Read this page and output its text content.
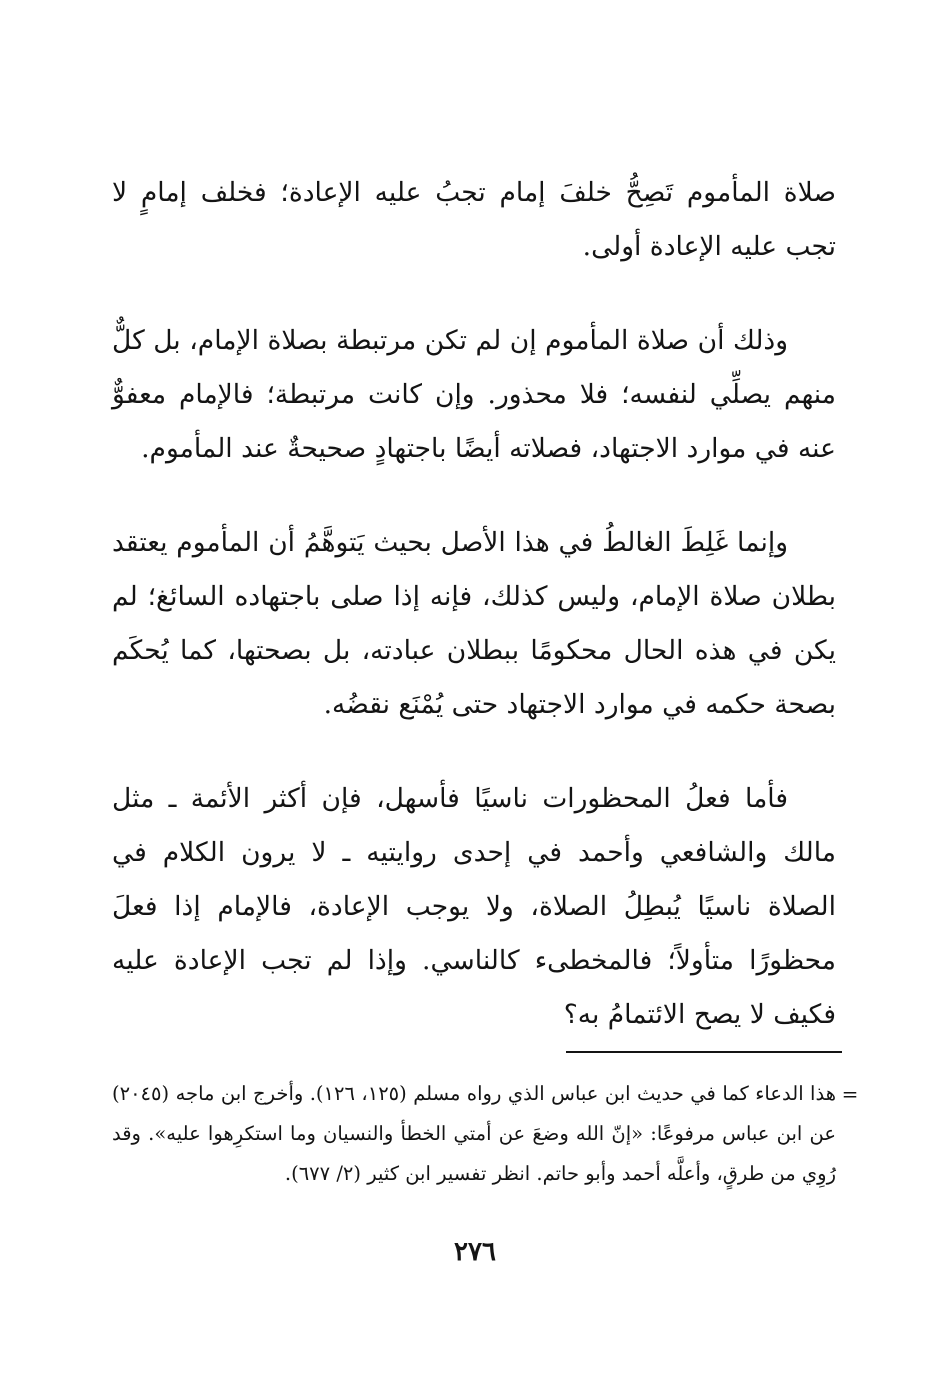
صلاة المأموم تَصِحُّ خلفَ إمام تجبُ عليه الإعادة؛ فخلف إمامٍ لا تجب عليه الإعادة أولى.

وذلك أن صلاة المأموم إن لم تكن مرتبطة بصلاة الإمام، بل كلٌّ منهم يصلِّي لنفسه؛ فلا محذور. وإن كانت مرتبطة؛ فالإمام معفوٌّ عنه في موارد الاجتهاد، فصلاته أيضًا باجتهادٍ صحيحةٌ عند المأموم.

وإنما غَلِطَ الغالطُ في هذا الأصل بحيث يَتوهَّمُ أن المأموم يعتقد بطلان صلاة الإمام، وليس كذلك، فإنه إذا صلى باجتهاده السائغ؛ لم يكن في هذه الحال محكومًا ببطلان عبادته، بل بصحتها، كما يُحكَم بصحة حكمه في موارد الاجتهاد حتى يُمْنَع نقضُه.

فأما فعلُ المحظورات ناسيًا فأسهل، فإن أكثر الأئمة ـ مثل مالك والشافعي وأحمد في إحدى روايتيه ـ لا يرون الكلام في الصلاة ناسيًا يُبطِلُ الصلاة، ولا يوجب الإعادة، فالإمام إذا فعلَ محظورًا متأولاً؛ فالمخطىء كالناسي. وإذا لم تجب الإعادة عليه فكيف لا يصح الائتمامُ به؟

=
هذا الدعاء كما في حديث ابن عباس الذي رواه مسلم (١٢٥، ١٢٦). وأخرج ابن ماجه (٢٠٤٥) عن ابن عباس مرفوعًا: «إنّ الله وضعَ عن أمتي الخطأ والنسيان وما استكرِهوا عليه». وقد رُوِي من طرقٍ، وأعلَّه أحمد وأبو حاتم. انظر تفسير ابن كثير (٢/ ٦٧٧).
٢٧٦
